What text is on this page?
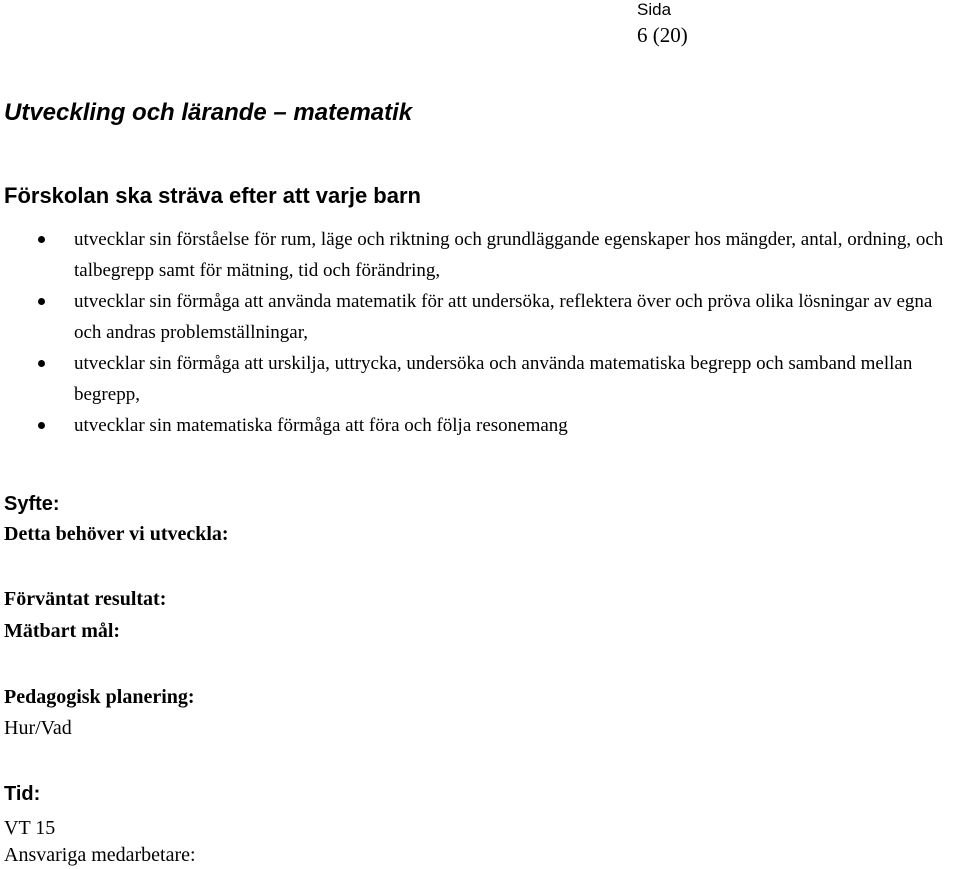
Sida
6 (20)
Utveckling och lärande – matematik
Förskolan ska sträva efter att varje barn
utvecklar sin förståelse för rum, läge och riktning och grundläggande egenskaper hos mängder, antal, ordning, och talbegrepp samt för mätning, tid och förändring,
utvecklar sin förmåga att använda matematik för att undersöka, reflektera över och pröva olika lösningar av egna och andras problemställningar,
utvecklar sin förmåga att urskilja, uttrycka, undersöka och använda matematiska begrepp och samband mellan begrepp,
utvecklar sin matematiska förmåga att föra och följa resonemang
Syfte:
Detta behöver vi utveckla:
Förväntat resultat:
Mätbart mål:
Pedagogisk planering:
Hur/Vad
Tid:
VT 15
Ansvariga medarbetare:
